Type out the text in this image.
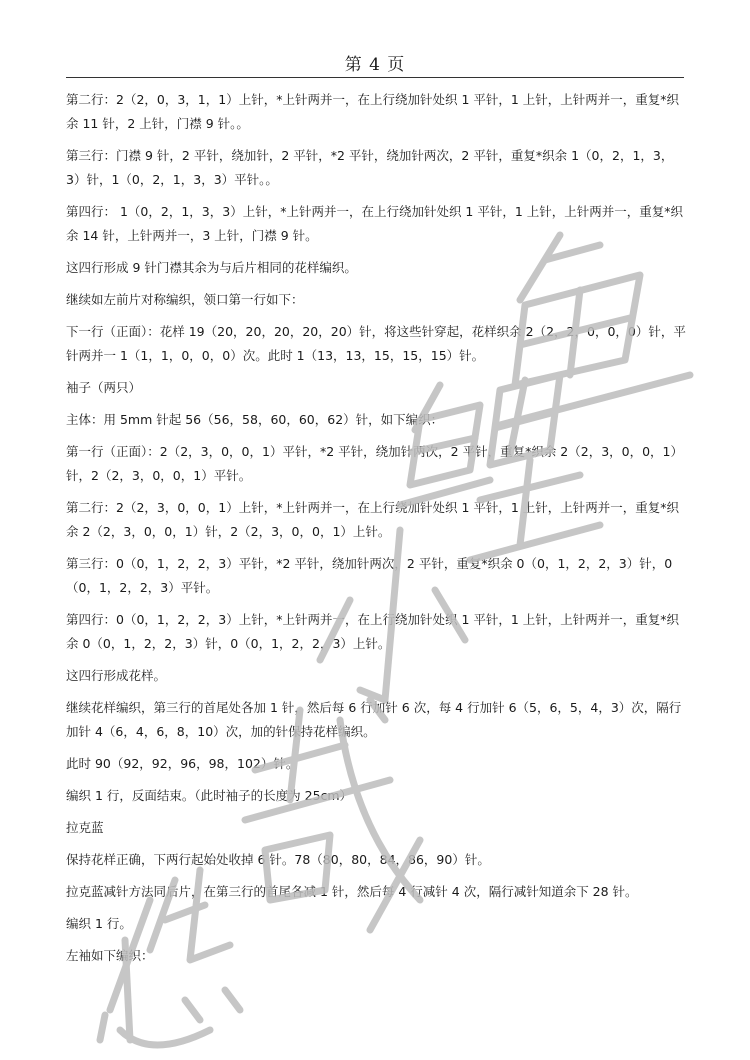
第 4 页

第二行：2（2，0，3，1，1）上针，*上针两并一，在上行绕加针处织 1 平针，1 上针，上针两并一，重复*织余 11 针，2 上针，门襟 9 针。。

第三行：门襟 9 针，2 平针，绕加针，2 平针，*2 平针，绕加针两次，2 平针，重复*织余 1（0，2，1，3，3）针，1（0，2，1，3，3）平针。。

第四行： 1（0，2，1，3，3）上针，*上针两并一，在上行绕加针处织 1 平针，1 上针，上针两并一，重复*织余 14 针，上针两并一，3 上针，门襟 9 针。

这四行形成 9 针门襟其余为与后片相同的花样编织。

继续如左前片对称编织，领口第一行如下：

下一行（正面）：花样 19（20，20，20，20，20）针，将这些针穿起，花样织余 2（2，2，0，0，0）针，平针两并一 1（1，1，0，0，0）次。此时 1（13，13，15，15，15）针。

袖子（两只）

主体：用 5mm 针起 56（56，58，60，60，62）针，如下编织：

第一行（正面）：2（2，3，0，0，1）平针，*2 平针，绕加针两次，2 平针，重复*织余 2（2，3，0，0，1）针，2（2，3，0，0，1）平针。

第二行：2（2，3，0，0，1）上针，*上针两并一，在上行绕加针处织 1 平针，1 上针，上针两并一，重复*织余 2（2，3，0，0，1）针，2（2，3，0，0，1）上针。

第三行：0（0，1，2，2，3）平针，*2 平针，绕加针两次，2 平针，重复*织余 0（0，1，2，2，3）针，0（0，1，2，2，3）平针。

第四行：0（0，1，2，2，3）上针，*上针两并一，在上行绕加针处织 1 平针，1 上针，上针两并一，重复*织余 0（0，1，2，2，3）针，0（0，1，2，2，3）上针。

这四行形成花样。

继续花样编织，第三行的首尾处各加 1 针，然后每 6 行加针 6 次，每 4 行加针 6（5，6，5，4，3）次，隔行加针 4（6，4，6，8，10）次，加的针保持花样编织。

此时 90（92，92，96，98，102）针。

编织 1 行，反面结束。（此时袖子的长度为 25cm）

拉克蓝

保持花样正确，下两行起始处收掉 6 针。78（80，80，84，86，90）针。

拉克蓝减针方法同后片，在第三行的首尾各减 1 针，然后每 4 行减针 4 次，隔行减针知道余下 28 针。

编织 1 行。

左袖如下编织：
